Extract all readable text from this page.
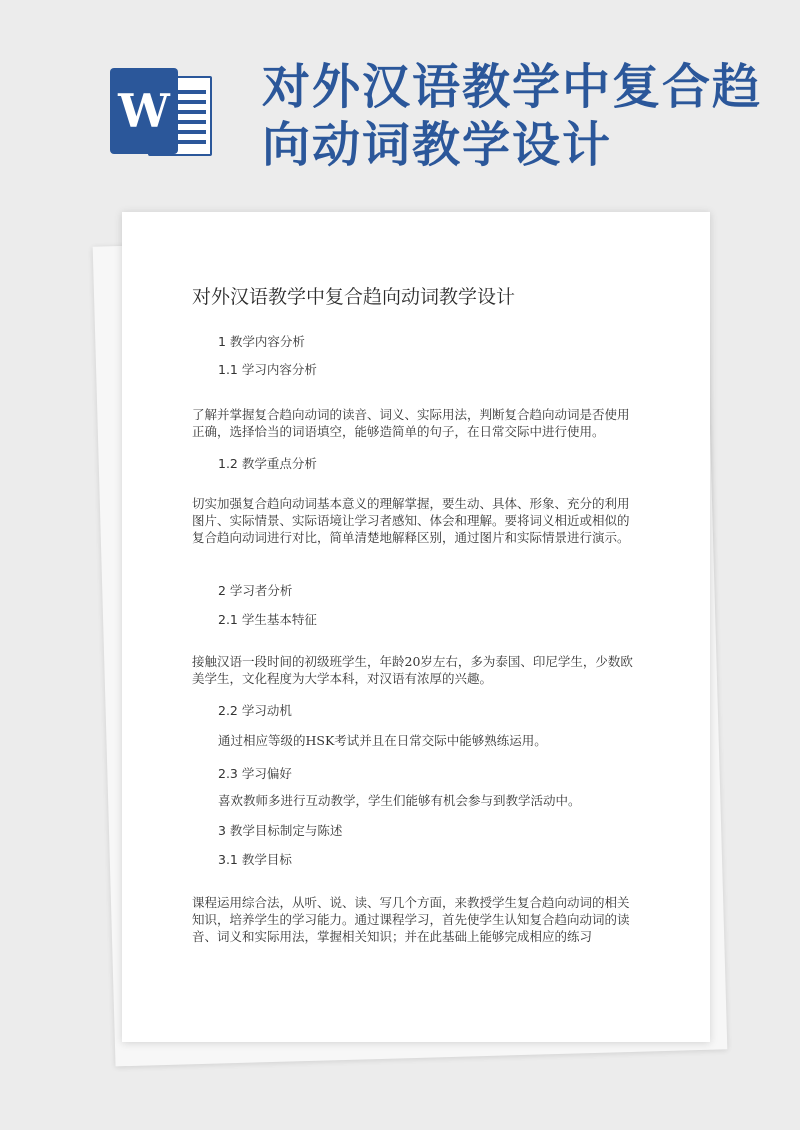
W 对外汉语教学中复合趋向动词教学设计
对外汉语教学中复合趋向动词教学设计
1 教学内容分析
1.1 学习内容分析
了解并掌握复合趋向动词的读音、词义、实际用法，判断复合趋向动词是否使用正确，选择恰当的词语填空，能够造简单的句子，在日常交际中进行使用。
1.2 教学重点分析
切实加强复合趋向动词基本意义的理解掌握，要生动、具体、形象、充分的利用图片、实际情景、实际语境让学习者感知、体会和理解。要将词义相近或相似的复合趋向动词进行对比，简单清楚地解释区别，通过图片和实际情景进行演示。
2 学习者分析
2.1 学生基本特征
接触汉语一段时间的初级班学生，年龄20岁左右，多为泰国、印尼学生，少数欧美学生，文化程度为大学本科，对汉语有浓厚的兴趣。
2.2 学习动机
通过相应等级的HSK考试并且在日常交际中能够熟练运用。
2.3 学习偏好
喜欢教师多进行互动教学，学生们能够有机会参与到教学活动中。
3 教学目标制定与陈述
3.1 教学目标
课程运用综合法，从听、说、读、写几个方面，来教授学生复合趋向动词的相关知识，培养学生的学习能力。通过课程学习，首先使学生认知复合趋向动词的读音、词义和实际用法，掌握相关知识；并在此基础上能够完成相应的练习
